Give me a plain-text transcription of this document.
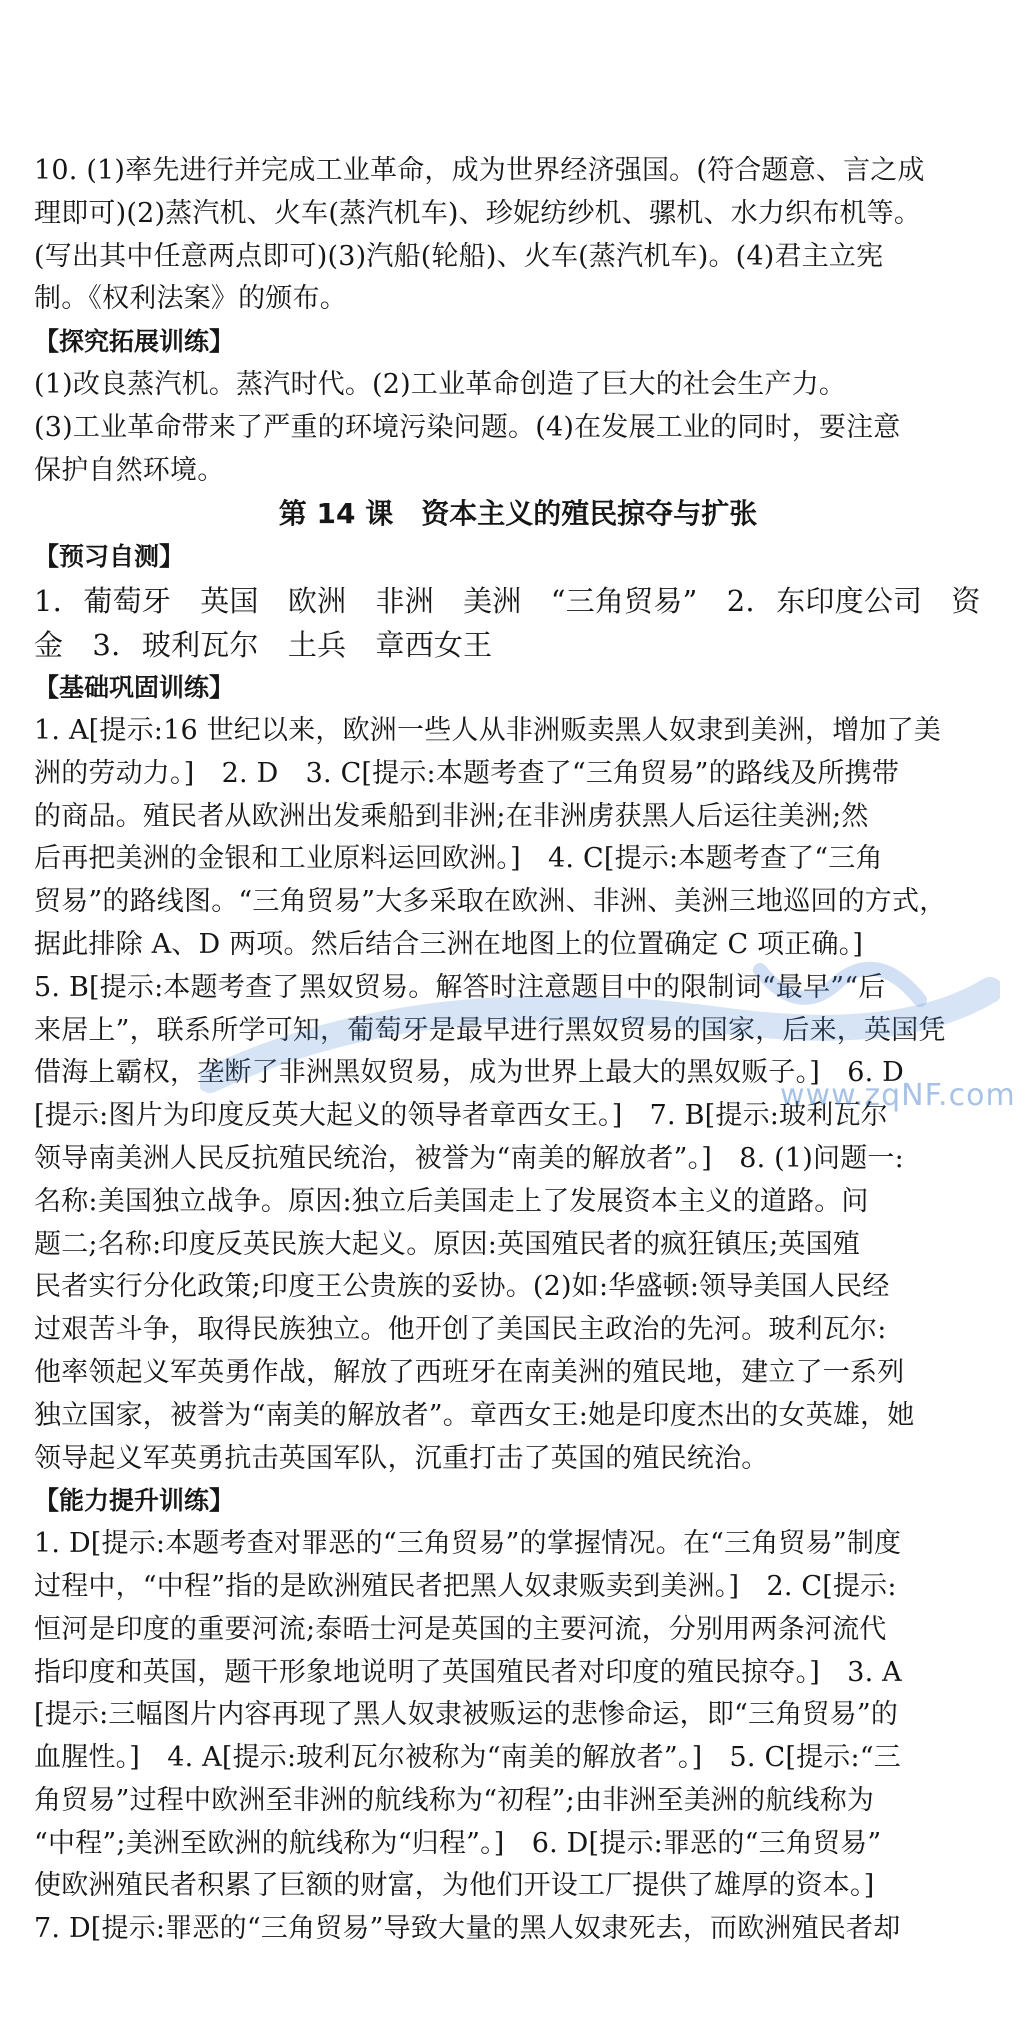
10. (1)率先进行并完成工业革命，成为世界经济强国。(符合题意、言之成
理即可)(2)蒸汽机、火车(蒸汽机车)、珍妮纺纱机、骡机、水力织布机等。
(写出其中任意两点即可)(3)汽船(轮船)、火车(蒸汽机车)。(4)君主立宪
制。《权利法案》的颁布。
【探究拓展训练】
(1)改良蒸汽机。蒸汽时代。(2)工业革命创造了巨大的社会生产力。
(3)工业革命带来了严重的环境污染问题。(4)在发展工业的同时，要注意
保护自然环境。
第 14 课　资本主义的殖民掠夺与扩张
【预习自测】
1. 葡萄牙　英国　欧洲　非洲　美洲　“三角贸易”　2. 东印度公司　资
金　3. 玻利瓦尔　土兵　章西女王
【基础巩固训练】
1. A[提示:16 世纪以来，欧洲一些人从非洲贩卖黑人奴隶到美洲，增加了美
洲的劳动力。]　2. D　3. C[提示:本题考查了“三角贸易”的路线及所携带
的商品。殖民者从欧洲出发乘船到非洲;在非洲虏获黑人后运往美洲;然
后再把美洲的金银和工业原料运回欧洲。]　4. C[提示:本题考查了“三角
贸易”的路线图。“三角贸易”大多采取在欧洲、非洲、美洲三地巡回的方式，
据此排除 A、D 两项。然后结合三洲在地图上的位置确定 C 项正确。]
5. B[提示:本题考查了黑奴贸易。解答时注意题目中的限制词“最早”“后
来居上”，联系所学可知，葡萄牙是最早进行黑奴贸易的国家，后来，英国凭
借海上霸权，垄断了非洲黑奴贸易，成为世界上最大的黑奴贩子。]　6. D
[提示:图片为印度反英大起义的领导者章西女王。]　7. B[提示:玻利瓦尔
领导南美洲人民反抗殖民统治，被誉为“南美的解放者”。]　8. (1)问题一:
名称:美国独立战争。原因:独立后美国走上了发展资本主义的道路。问
题二;名称:印度反英民族大起义。原因:英国殖民者的疯狂镇压;英国殖
民者实行分化政策;印度王公贵族的妥协。(2)如:华盛顿:领导美国人民经
过艰苦斗争，取得民族独立。他开创了美国民主政治的先河。玻利瓦尔:
他率领起义军英勇作战，解放了西班牙在南美洲的殖民地，建立了一系列
独立国家，被誉为“南美的解放者”。章西女王:她是印度杰出的女英雄，她
领导起义军英勇抗击英国军队，沉重打击了英国的殖民统治。
【能力提升训练】
1. D[提示:本题考查对罪恶的“三角贸易”的掌握情况。在“三角贸易”制度
过程中，“中程”指的是欧洲殖民者把黑人奴隶贩卖到美洲。]　2. C[提示:
恒河是印度的重要河流;泰晤士河是英国的主要河流，分别用两条河流代
指印度和英国，题干形象地说明了英国殖民者对印度的殖民掠夺。]　3. A
[提示:三幅图片内容再现了黑人奴隶被贩运的悲惨命运，即“三角贸易”的
血腥性。]　4. A[提示:玻利瓦尔被称为“南美的解放者”。]　5. C[提示:“三
角贸易”过程中欧洲至非洲的航线称为“初程”;由非洲至美洲的航线称为
“中程”;美洲至欧洲的航线称为“归程”。]　6. D[提示:罪恶的“三角贸易”
使欧洲殖民者积累了巨额的财富，为他们开设工厂提供了雄厚的资本。]
7. D[提示:罪恶的“三角贸易”导致大量的黑人奴隶死去，而欧洲殖民者却
www.zqNF.com
